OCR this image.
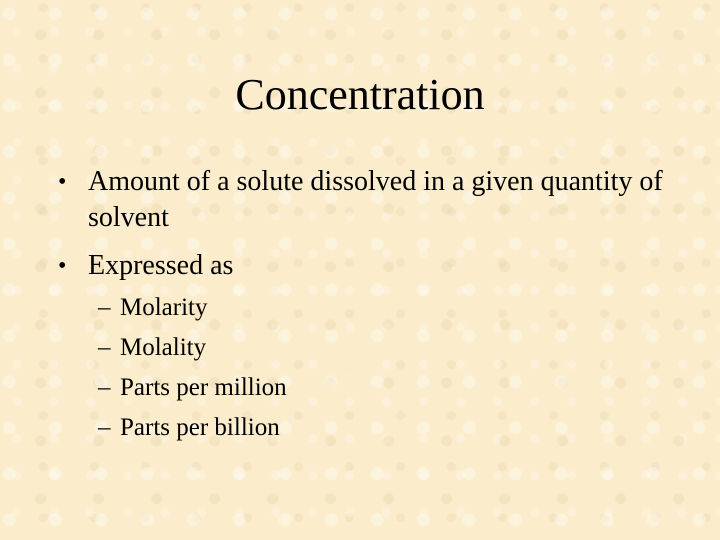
Concentration
• Amount of a solute dissolved in a given quantity of solvent
• Expressed as
– Molarity
– Molality
– Parts per million
– Parts per billion
